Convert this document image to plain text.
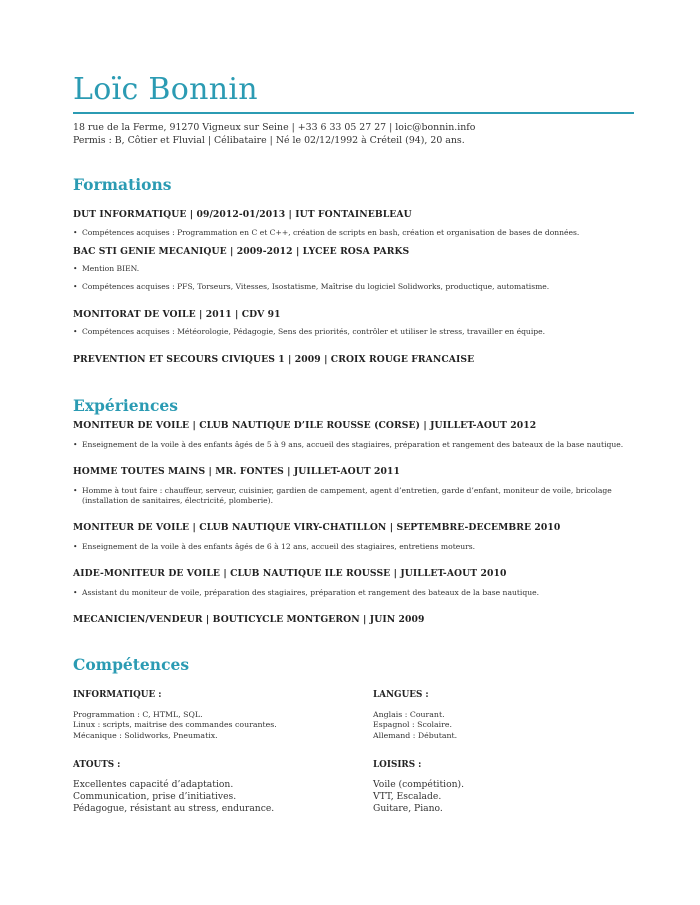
Loïc Bonnin
18 rue de la Ferme, 91270 Vigneux sur Seine | +33 6 33 05 27 27 | loic@bonnin.info
Permis : B, Côtier et Fluvial | Célibataire | Né le 02/12/1992 à Créteil (94), 20 ans.
Formations
DUT INFORMATIQUE | 09/2012-01/2013 | IUT FONTAINEBLEAU
• Compétences acquises : Programmation en C et C++, création de scripts en bash, création et organisation de bases de données.
BAC STI GENIE MECANIQUE | 2009-2012 | LYCEE ROSA PARKS
• Mention BIEN.
• Compétences acquises : PFS, Torseurs, Vitesses, Isostatisme, Maîtrise du logiciel Solidworks, productique, automatisme.
MONITORAT DE VOILE | 2011 | CDV 91
• Compétences acquises : Météorologie, Pédagogie, Sens des priorités, contrôler et utiliser le stress, travailler en équipe.
PREVENTION ET SECOURS CIVIQUES 1 | 2009 | CROIX ROUGE FRANCAISE
Expériences
MONITEUR DE VOILE | CLUB NAUTIQUE D’ILE ROUSSE (CORSE) | JUILLET-AOUT 2012
• Enseignement de la voile à des enfants âgés de 5 à 9 ans, accueil des stagiaires, préparation et rangement des bateaux de la base nautique.
HOMME TOUTES MAINS | MR. FONTES | JUILLET-AOUT 2011
• Homme à tout faire : chauffeur, serveur, cuisinier, gardien de campement, agent d’entretien, garde d’enfant, moniteur de voile, bricolage (installation de sanitaires, électricité, plomberie).
MONITEUR DE VOILE | CLUB NAUTIQUE VIRY-CHATILLON | SEPTEMBRE-DECEMBRE 2010
• Enseignement de la voile à des enfants âgés de 6 à 12 ans, accueil des stagiaires, entretiens moteurs.
AIDE-MONITEUR DE VOILE | CLUB NAUTIQUE ILE ROUSSE | JUILLET-AOUT 2010
• Assistant du moniteur de voile, préparation des stagiaires, préparation et rangement des bateaux de la base nautique.
MECANICIEN/VENDEUR | BOUTICYCLE MONTGERON | JUIN 2009
Compétences
INFORMATIQUE :
Programmation : C, HTML, SQL.
Linux : scripts, maitrise des commandes courantes.
Mécanique : Solidworks, Pneumatix.
LANGUES :
Anglais : Courant.
Espagnol : Scolaire.
Allemand : Débutant.
ATOUTS :
Excellentes capacité d’adaptation.
Communication, prise d’initiatives.
Pédagogue, résistant au stress, endurance.
LOISIRS :
Voile (compétition).
VTT, Escalade.
Guitare, Piano.
